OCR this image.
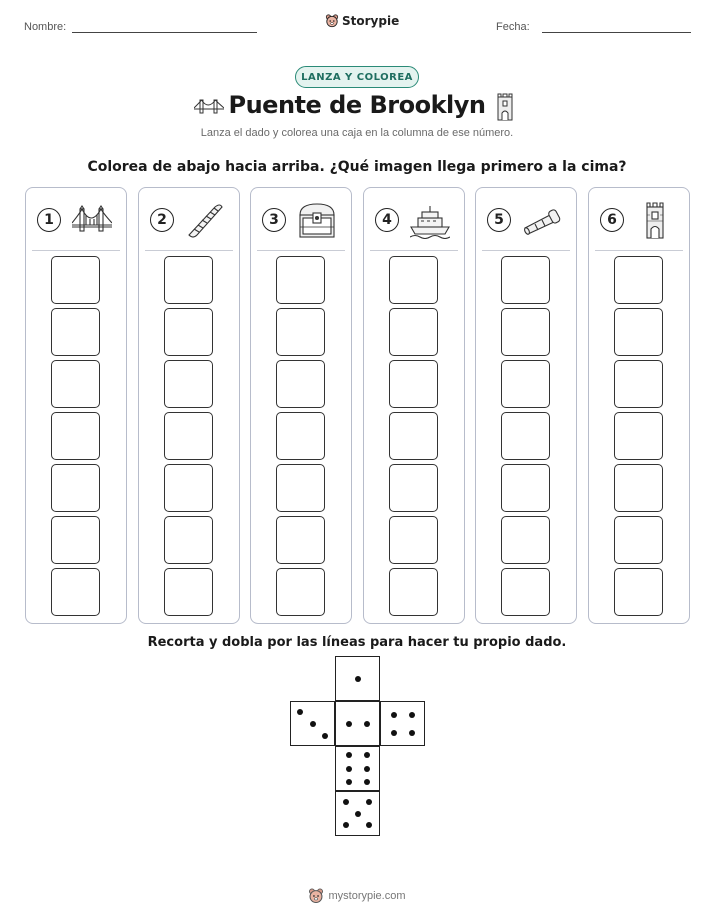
Nombre:	Storypie	Fecha:
LANZA Y COLOREA
Puente de Brooklyn
Lanza el dado y colorea una caja en la columna de ese número.
Colorea de abajo hacia arriba. ¿Qué imagen llega primero a la cima?
1	2	3	4	5	6
Recorta y dobla por las líneas para hacer tu propio dado.
mystorypie.com
